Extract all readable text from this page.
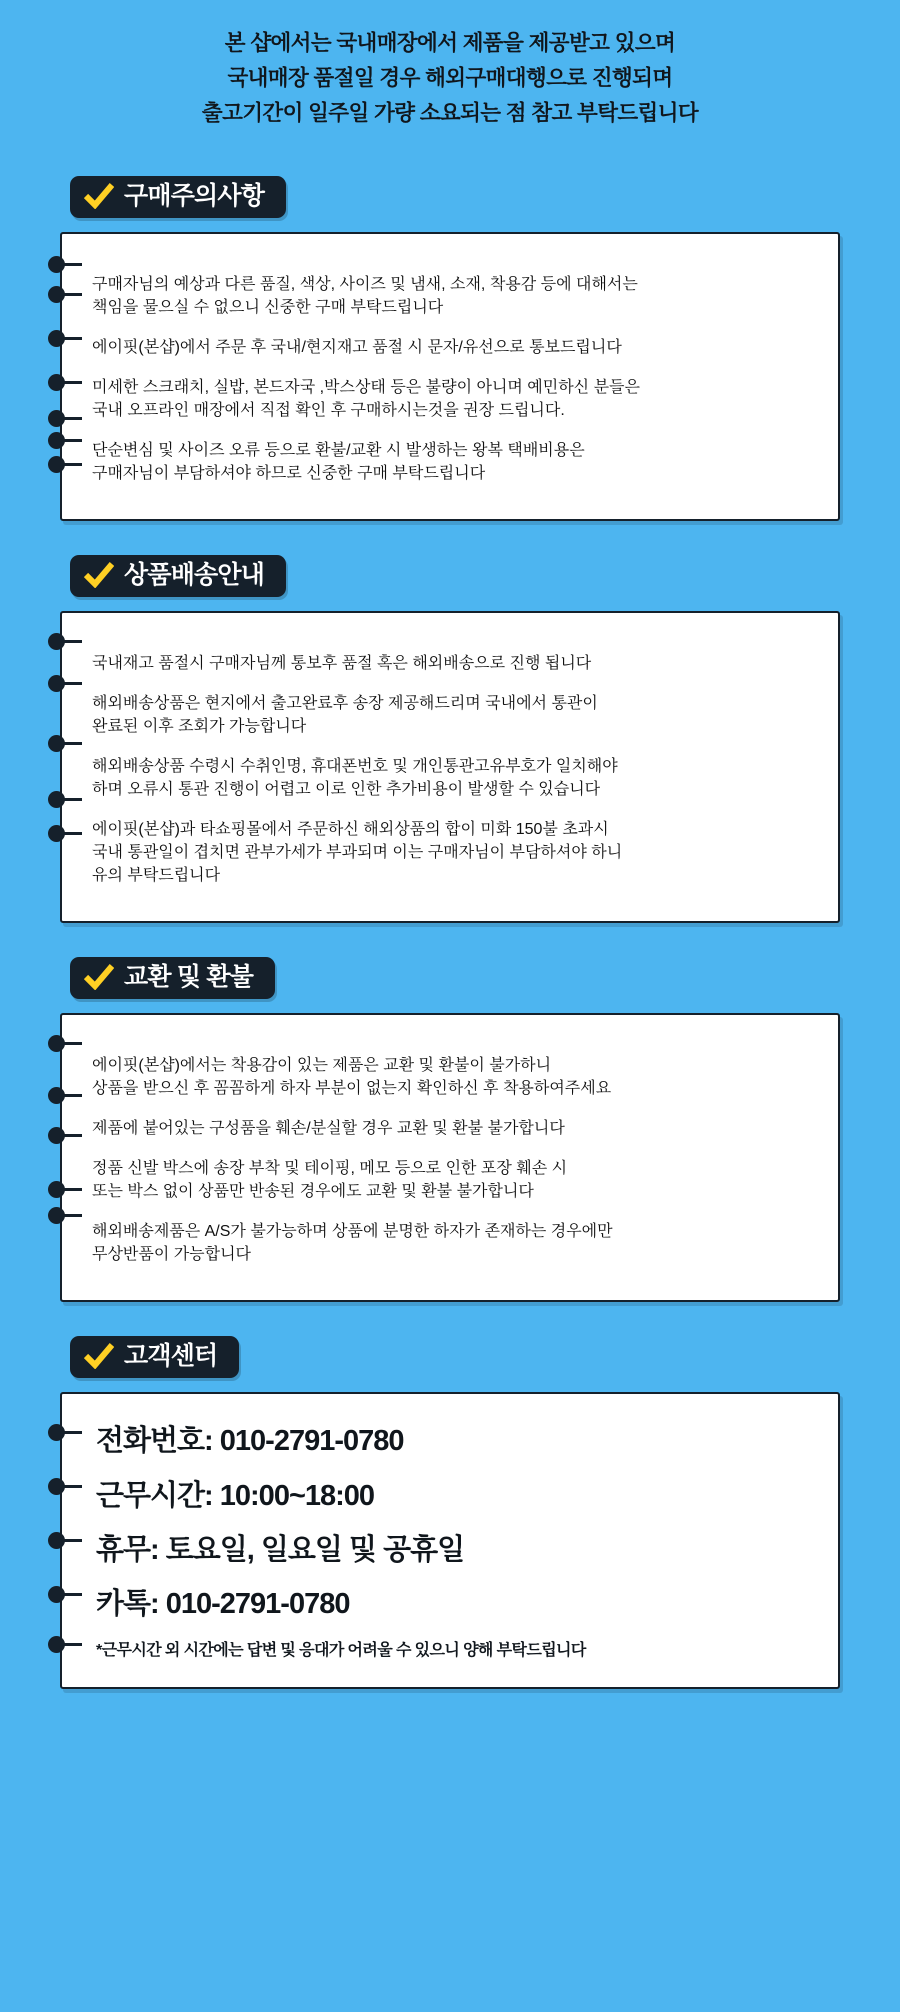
본 샵에서는 국내매장에서 제품을 제공받고 있으며
국내매장 품절일 경우 해외구매대행으로 진행되며
출고기간이 일주일 가량 소요되는 점 참고 부탁드립니다
구매주의사항

구매자님의 예상과 다른 품질, 색상, 사이즈 및 냄새, 소재, 착용감 등에 대해서는
책임을 물으실 수 없으니 신중한 구매 부탁드립니다

에이핏(본샵)에서 주문 후 국내/현지재고 품절 시 문자/유선으로 통보드립니다

미세한 스크래치, 실밥, 본드자국 ,박스상태 등은 불량이 아니며 예민하신 분들은
국내 오프라인 매장에서 직접 확인 후 구매하시는것을 권장 드립니다.

단순변심 및 사이즈 오류 등으로 환불/교환 시 발생하는 왕복 택배비용은
구매자님이 부담하셔야 하므로 신중한 구매 부탁드립니다

상품배송안내

국내재고 품절시 구매자님께 통보후 품절 혹은 해외배송으로 진행 됩니다

해외배송상품은 현지에서 출고완료후 송장 제공해드리며 국내에서 통관이
완료된 이후 조회가 가능합니다

해외배송상품 수령시 수취인명, 휴대폰번호 및 개인통관고유부호가 일치해야
하며 오류시 통관 진행이 어렵고 이로 인한 추가비용이 발생할 수 있습니다

에이핏(본샵)과 타쇼핑몰에서 주문하신 해외상품의 합이 미화 150불 초과시
국내 통관일이 겹치면 관부가세가 부과되며 이는 구매자님이 부담하셔야 하니
유의 부탁드립니다

교환 및 환불

에이핏(본샵)에서는 착용감이 있는 제품은 교환 및 환불이 불가하니
상품을 받으신 후 꼼꼼하게 하자 부분이 없는지 확인하신 후 착용하여주세요

제품에 붙어있는 구성품을 훼손/분실할 경우 교환 및 환불 불가합니다

정품 신발 박스에 송장 부착 및 테이핑, 메모 등으로 인한 포장 훼손 시
또는 박스 없이 상품만 반송된 경우에도 교환 및 환불 불가합니다

해외배송제품은 A/S가 불가능하며 상품에 분명한 하자가 존재하는 경우에만
무상반품이 가능합니다

고객센터

전화번호: 010-2791-0780

근무시간: 10:00~18:00

휴무: 토요일, 일요일 및 공휴일

카톡: 010-2791-0780

*근무시간 외 시간에는 답변 및 응대가 어려울 수 있으니 양해 부탁드립니다
